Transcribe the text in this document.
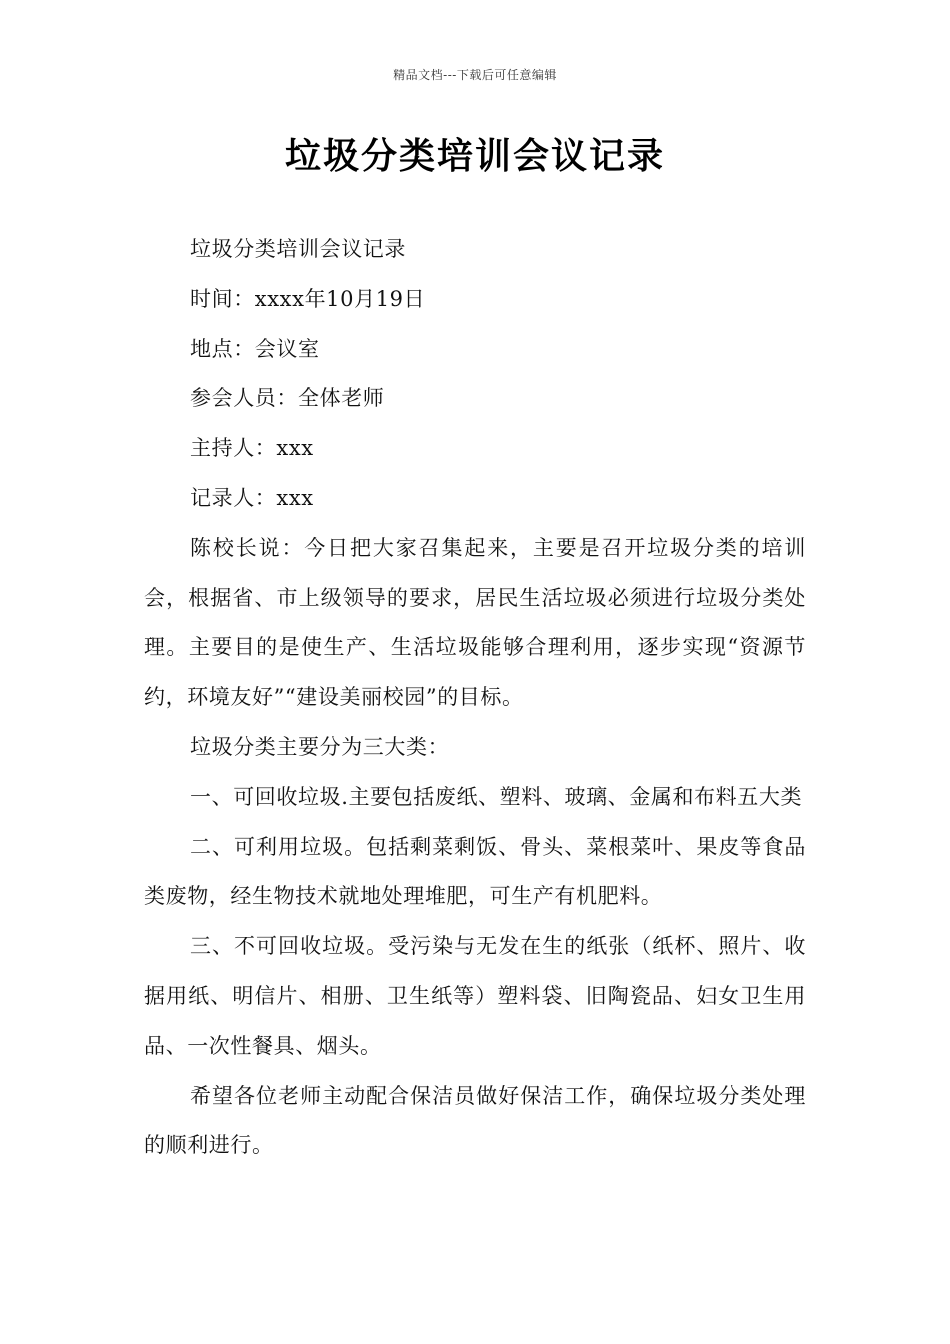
精品文档---下载后可任意编辑
垃圾分类培训会议记录

垃圾分类培训会议记录

时间：xxxx年10月19日

地点：会议室

参会人员：全体老师

主持人：xxx

记录人：xxx

陈校长说：今日把大家召集起来，主要是召开垃圾分类的培训会，根据省、市上级领导的要求，居民生活垃圾必须进行垃圾分类处理。主要目的是使生产、生活垃圾能够合理利用，逐步实现“资源节约，环境友好”“建设美丽校园”的目标。

垃圾分类主要分为三大类：

一、可回收垃圾.主要包括废纸、塑料、玻璃、金属和布料五大类

二、可利用垃圾。包括剩菜剩饭、骨头、菜根菜叶、果皮等食品类废物，经生物技术就地处理堆肥，可生产有机肥料。

三、不可回收垃圾。受污染与无发在生的纸张（纸杯、照片、收据用纸、明信片、相册、卫生纸等）塑料袋、旧陶瓷品、妇女卫生用品、一次性餐具、烟头。

希望各位老师主动配合保洁员做好保洁工作，确保垃圾分类处理的顺利进行。
